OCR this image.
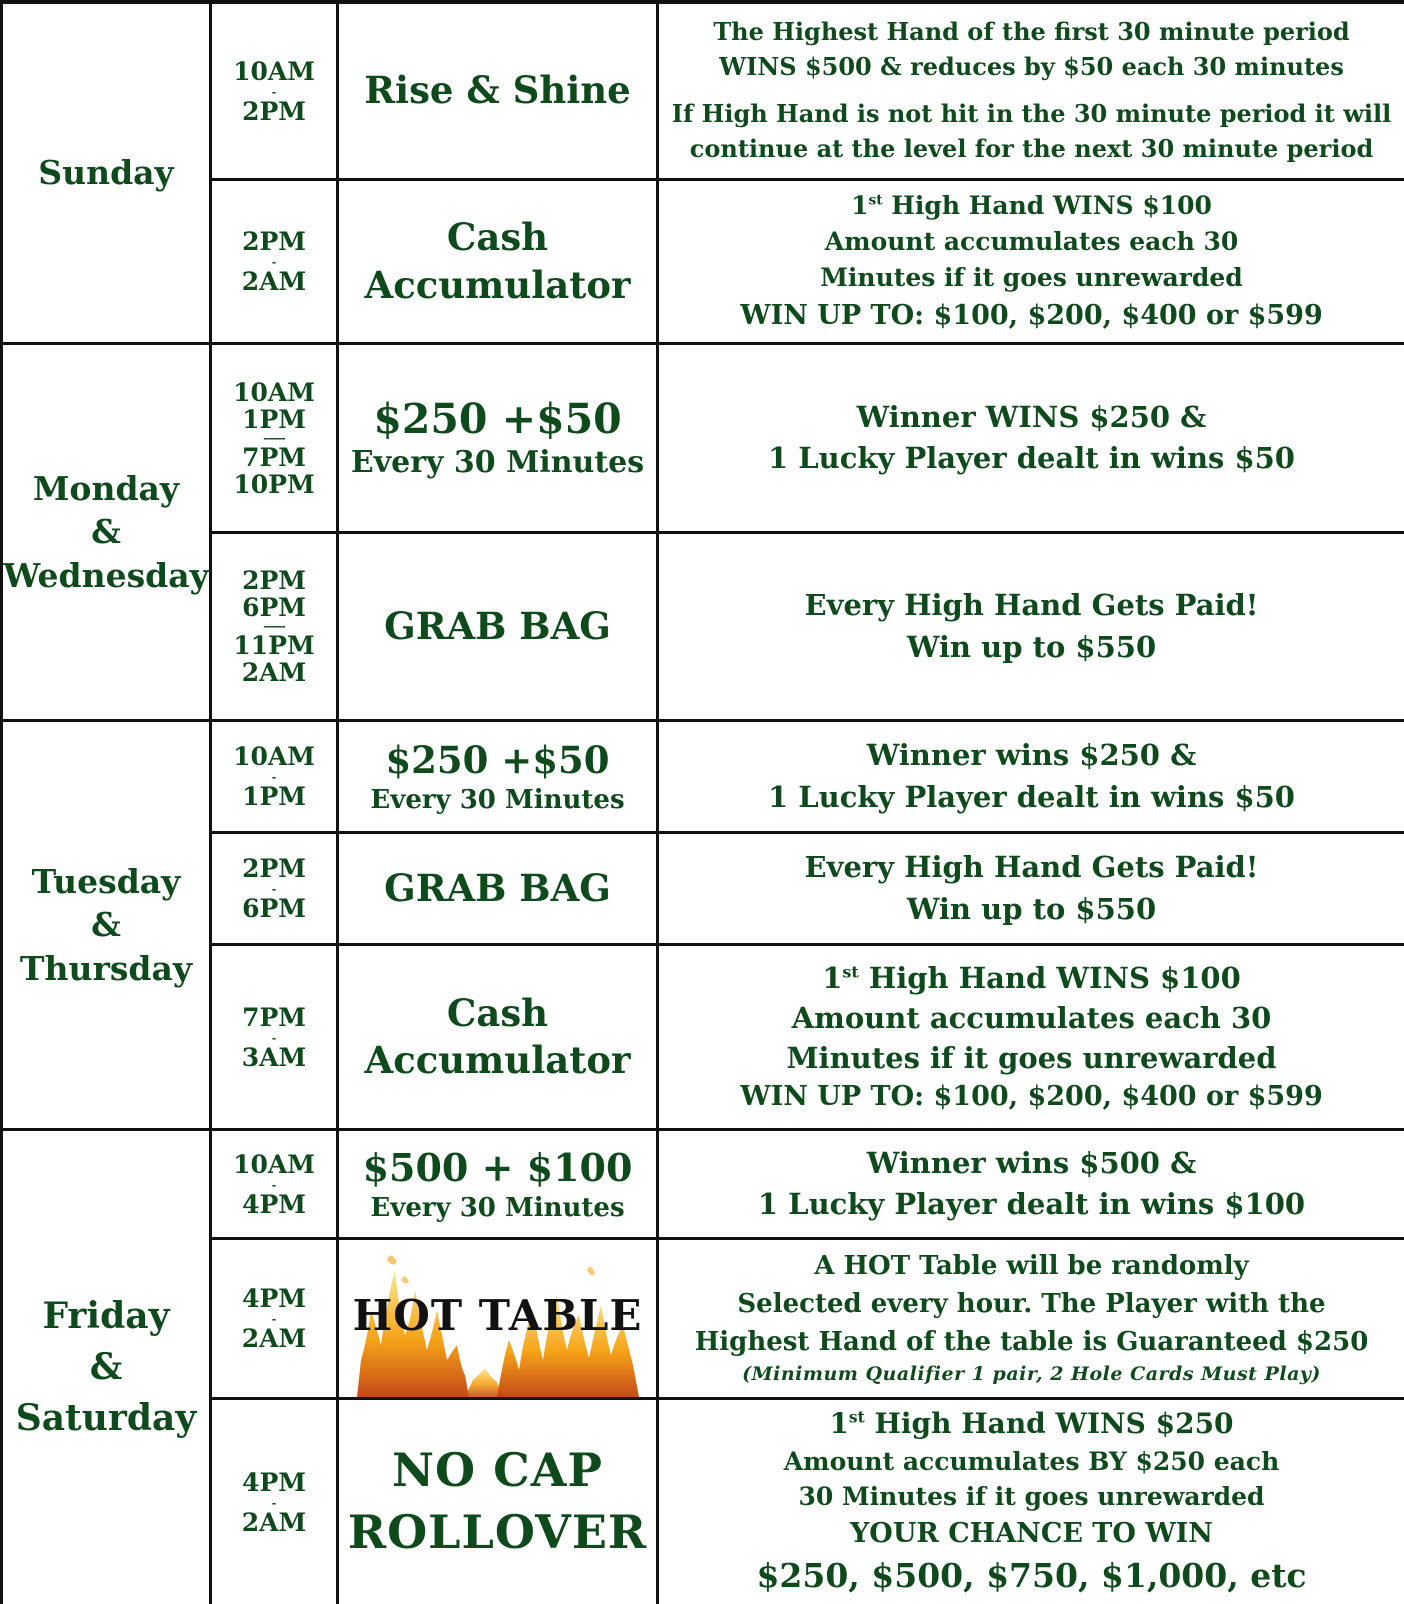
Sunday
10AM
-
2PM Rise & Shine

The Highest Hand of the first 30 minute period

WINS $500 & reduces by $50 each 30 minutes

If High Hand is not hit in the 30 minute period it will

continue at the level for the next 30 minute period

2PM
-
2AM
Cash
Accumulator

1st High Hand WINS $100

Amount accumulates each 30

Minutes if it goes unrewarded

WIN UP TO: $100, $200, $400 or $599

Monday
&
Wednesday
10AM
1PM
------
7PM
10PM
$250 +$50
Every 30 Minutes

Winner WINS $250 &

1 Lucky Player dealt in wins $50

2PM
6PM
------
11PM
2AM
GRAB BAG	Every High Hand Gets Paid!

Win up to $550

Tuesday
&
Thursday
10AM
-
1PM
$250 +$50
Every 30 Minutes

Winner wins $250 &

1 Lucky Player dealt in wins $50

2PM
-
6PM GRAB BAG	Every High Hand Gets Paid!

Win up to $550

7PM
-
3AM
Cash
Accumulator

1st High Hand WINS $100

Amount accumulates each 30

Minutes if it goes unrewarded

WIN UP TO: $100, $200, $400 or $599

Friday
&
Saturday
10AM
-
4PM
$500 + $100
Every 30 Minutes

Winner wins $500 &

1 Lucky Player dealt in wins $100

4PM
-
2AM HOT TABLE

A HOT Table will be randomly

Selected every hour. The Player with the

Highest Hand of the table is Guaranteed $250

(Minimum Qualifier 1 pair, 2 Hole Cards Must Play)

4PM
-
2AM
NO CAP
ROLLOVER

1st High Hand WINS $250

Amount accumulates BY $250 each

30 Minutes if it goes unrewarded

YOUR CHANCE TO WIN

$250, $500, $750, $1,000, etc
